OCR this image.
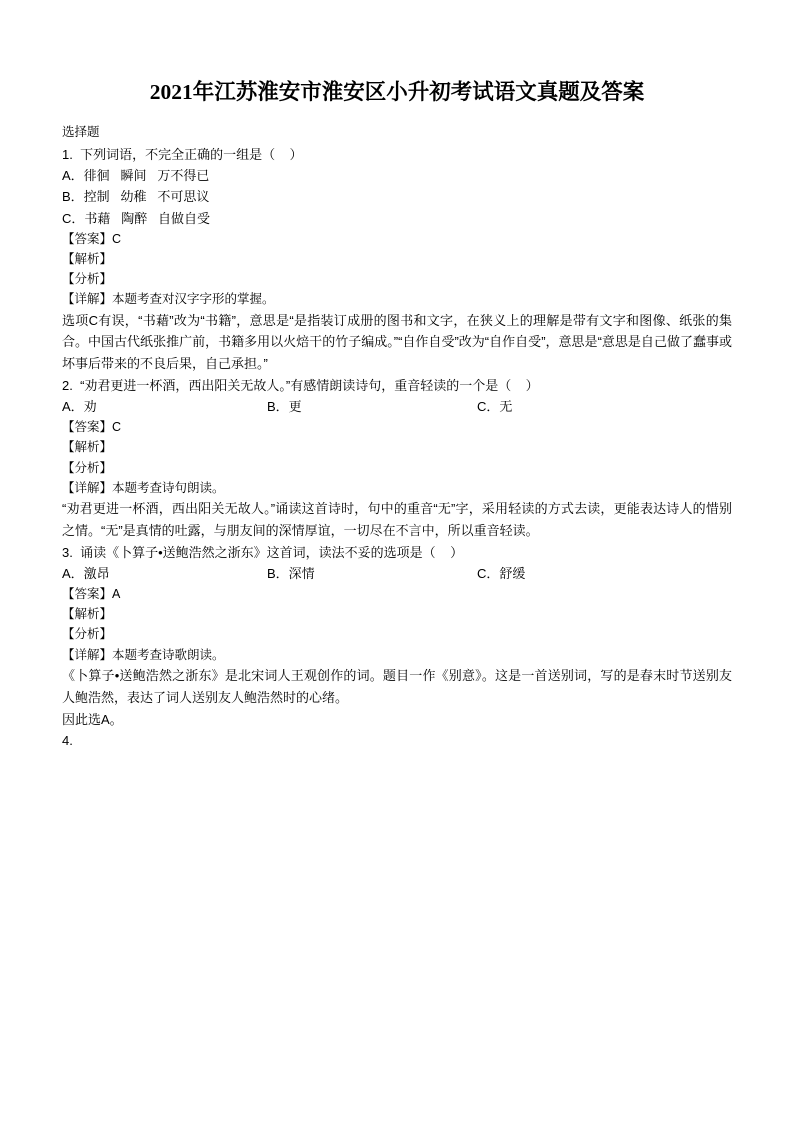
2021年江苏淮安市淮安区小升初考试语文真题及答案

选择题

1. 下列词语，不完全正确的一组是（    ）

A．徘徊   瞬间   万不得已

B．控制   幼稚   不可思议

C．书藉   陶醉   自做自受

【答案】C

【解析】

【分析】

【详解】本题考查对汉字字形的掌握。

选项C有误，“书藉”改为“书籍”，意思是“是指装订成册的图书和文字，在狭义上的理解是带有文字和图像、纸张的集合。中国古代纸张推广前，书籍多用以火焙干的竹子编成。”“自作自受”改为“自作自受”，意思是“意思是自己做了蠢事或坏事后带来的不良后果，自己承担。”

2. “劝君更进一杯酒，西出阳关无故人。”有感情朗读诗句，重音轻读的一个是（    ）

A．劝	B．更	C．无

【答案】C

【解析】

【分析】

【详解】本题考查诗句朗读。

“劝君更进一杯酒，西出阳关无故人。”诵读这首诗时，句中的重音“无”字，采用轻读的方式去读，更能表达诗人的惜别之情。“无”是真情的吐露，与朋友间的深情厚谊，一切尽在不言中，所以重音轻读。

3. 诵读《卜算子•送鲍浩然之浙东》这首词，读法不妥的选项是（    ）

A．激昂	B．深情	C．舒缓

【答案】A

【解析】

【分析】

【详解】本题考查诗歌朗读。

《卜算子•送鲍浩然之浙东》是北宋词人王观创作的词。题目一作《别意》。这是一首送别词，写的是春末时节送别友人鲍浩然，表达了词人送别友人鲍浩然时的心绪。

因此选A。

4.
